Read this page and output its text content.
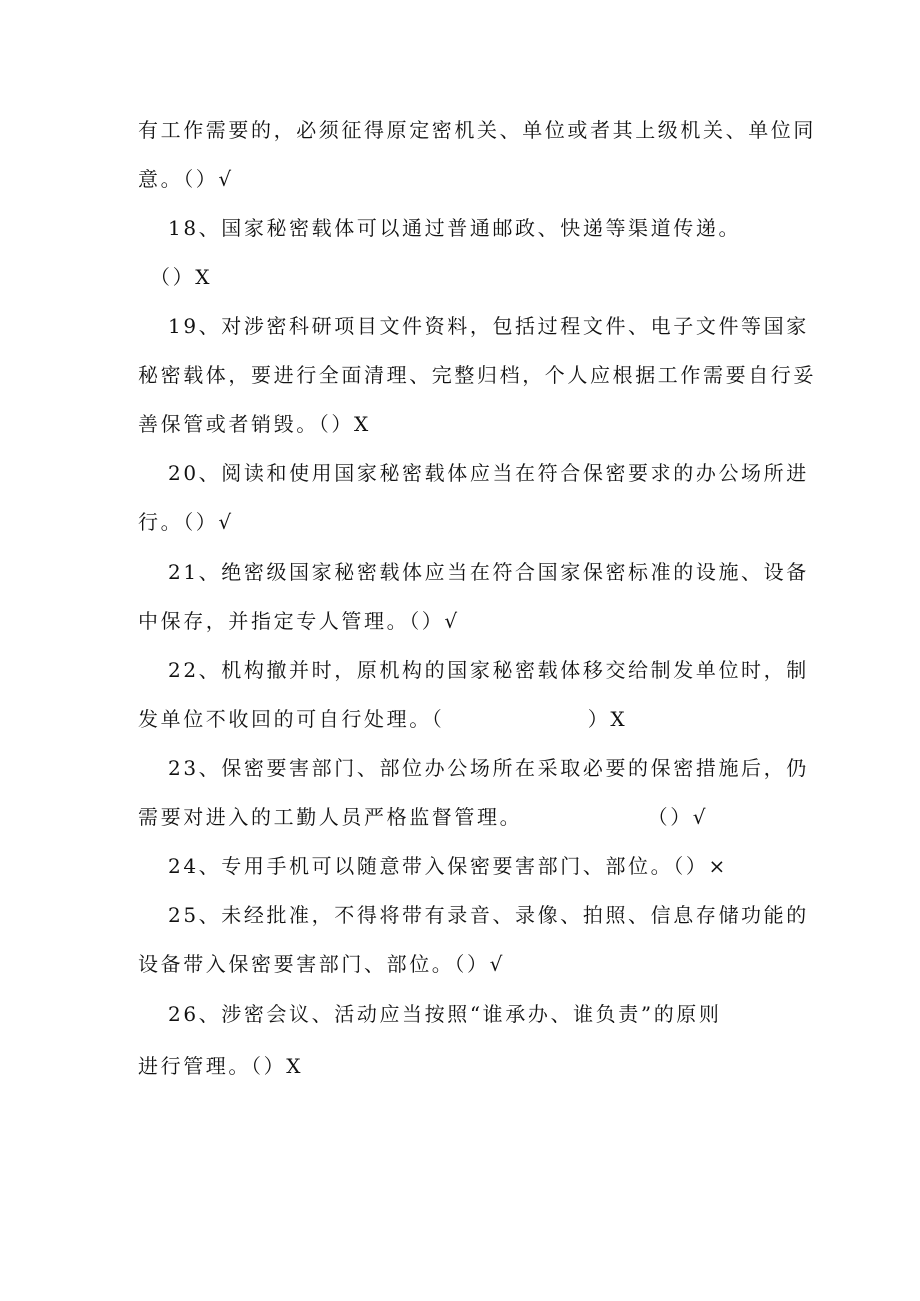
有工作需要的，必须征得原定密机关、单位或者其上级机关、单位同
意。（）√
18、国家秘密载体可以通过普通邮政、快递等渠道传递。
（）X
19、对涉密科研项目文件资料，包括过程文件、电子文件等国家
秘密载体，要进行全面清理、完整归档，个人应根据工作需要自行妥
善保管或者销毁。（）X
20、阅读和使用国家秘密载体应当在符合保密要求的办公场所进
行。（）√
21、绝密级国家秘密载体应当在符合国家保密标准的设施、设备
中保存，并指定专人管理。（）√
22、机构撤并时，原机构的国家秘密载体移交给制发单位时，制
发单位不收回的可自行处理。（                ）X
23、保密要害部门、部位办公场所在采取必要的保密措施后，仍
需要对进入的工勤人员严格监督管理。              （）√
24、专用手机可以随意带入保密要害部门、部位。（）×
25、未经批准，不得将带有录音、录像、拍照、信息存储功能的
设备带入保密要害部门、部位。（）√
26、涉密会议、活动应当按照“谁承办、谁负责”的原则
进行管理。（）X
